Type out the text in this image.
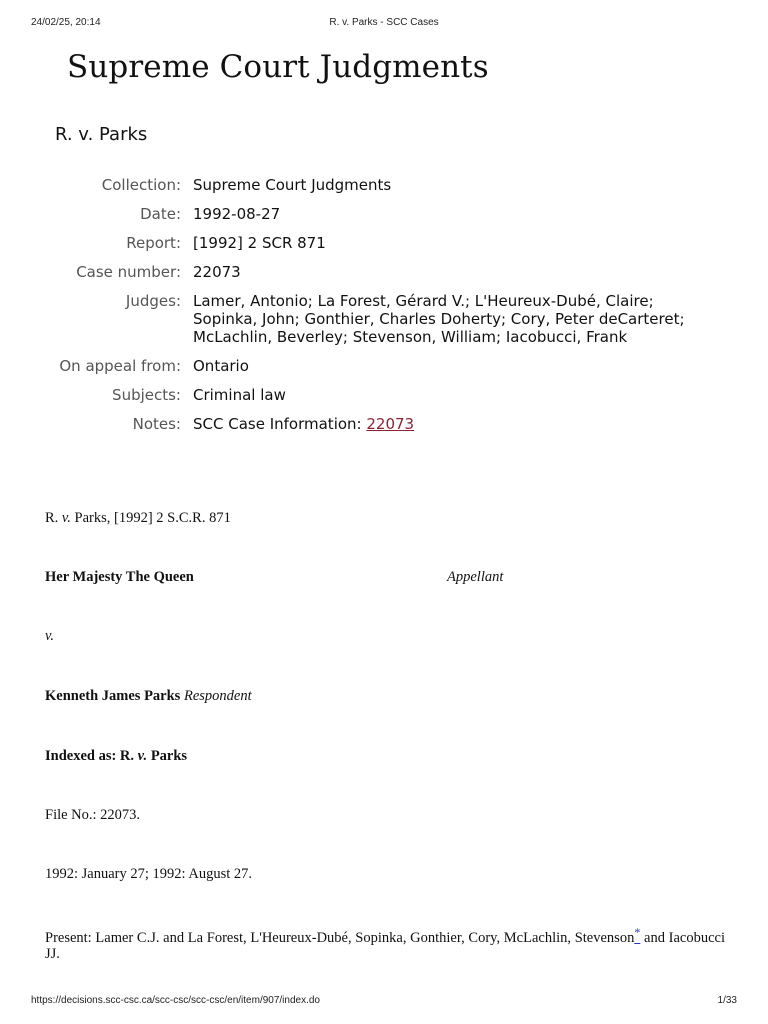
24/02/25, 20:14	R. v. Parks - SCC Cases
Supreme Court Judgments
R. v. Parks
Collection: Supreme Court Judgments
Date: 1992-08-27
Report: [1992] 2 SCR 871
Case number: 22073
Judges: Lamer, Antonio; La Forest, Gérard V.; L'Heureux-Dubé, Claire;
Sopinka, John; Gonthier, Charles Doherty; Cory, Peter deCarteret;
McLachlin, Beverley; Stevenson, William; Iacobucci, Frank
On appeal from: Ontario
Subjects: Criminal law
Notes: SCC Case Information: 22073
R. v. Parks, [1992] 2 S.C.R. 871
Her Majesty The Queen	Appellant
v.
Kenneth James Parks Respondent
Indexed as: R. v. Parks
File No.: 22073.
1992: January 27; 1992: August 27.
Present: Lamer C.J. and La Forest, L'Heureux-Dubé, Sopinka, Gonthier, Cory, McLachlin, Stevenson* and Iacobucci JJ.
https://decisions.scc-csc.ca/scc-csc/scc-csc/en/item/907/index.do	1/33
